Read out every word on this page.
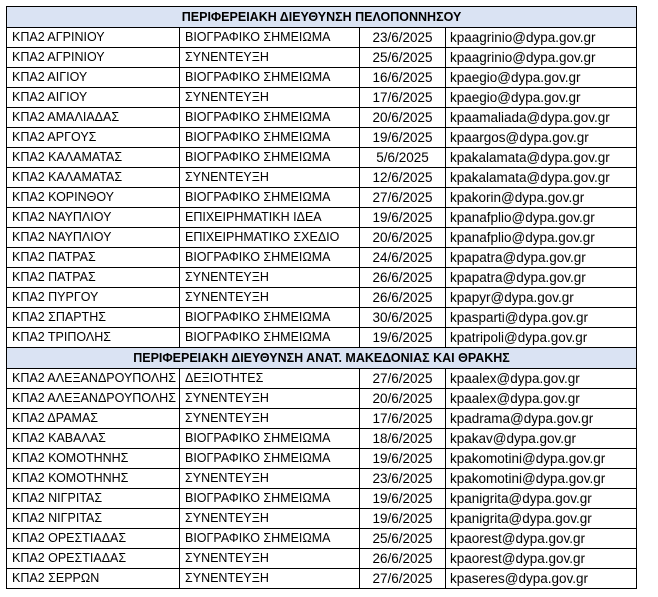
ΠΕΡΙΦΕΡΕΙΑΚΗ ΔΙΕΥΘΥΝΣΗ ΠΕΛΟΠΟΝΝΗΣΟΥ			
ΚΠΑ2 ΑΓΡΙΝΙΟΥ	ΒΙΟΓΡΑΦΙΚΟ ΣΗΜΕΙΩΜΑ	23/6/2025	kpaagrinio@dypa.gov.gr
ΚΠΑ2 ΑΓΡΙΝΙΟΥ	ΣΥΝΕΝΤΕΥΞΗ	25/6/2025	kpaagrinio@dypa.gov.gr
ΚΠΑ2 ΑΙΓΙΟΥ	ΒΙΟΓΡΑΦΙΚΟ ΣΗΜΕΙΩΜΑ	16/6/2025	kpaegio@dypa.gov.gr
ΚΠΑ2 ΑΙΓΙΟΥ	ΣΥΝΕΝΤΕΥΞΗ	17/6/2025	kpaegio@dypa.gov.gr
ΚΠΑ2 ΑΜΑΛΙΑΔΑΣ	ΒΙΟΓΡΑΦΙΚΟ ΣΗΜΕΙΩΜΑ	20/6/2025	kpaamaliada@dypa.gov.gr
ΚΠΑ2 ΑΡΓΟΥΣ	ΒΙΟΓΡΑΦΙΚΟ ΣΗΜΕΙΩΜΑ	19/6/2025	kpaargos@dypa.gov.gr
ΚΠΑ2 ΚΑΛΑΜΑΤΑΣ	ΒΙΟΓΡΑΦΙΚΟ ΣΗΜΕΙΩΜΑ	5/6/2025	kpakalamata@dypa.gov.gr
ΚΠΑ2 ΚΑΛΑΜΑΤΑΣ	ΣΥΝΕΝΤΕΥΞΗ	12/6/2025	kpakalamata@dypa.gov.gr
ΚΠΑ2 ΚΟΡΙΝΘΟΥ	ΒΙΟΓΡΑΦΙΚΟ ΣΗΜΕΙΩΜΑ	27/6/2025	kpakorin@dypa.gov.gr
ΚΠΑ2 ΝΑΥΠΛΙΟΥ	ΕΠΙΧΕΙΡΗΜΑΤΙΚΗ ΙΔΕΑ	19/6/2025	kpanafplio@dypa.gov.gr
ΚΠΑ2 ΝΑΥΠΛΙΟΥ	ΕΠΙΧΕΙΡΗΜΑΤΙΚΟ ΣΧΕΔΙΟ	20/6/2025	kpanafplio@dypa.gov.gr
ΚΠΑ2 ΠΑΤΡΑΣ	ΒΙΟΓΡΑΦΙΚΟ ΣΗΜΕΙΩΜΑ	24/6/2025	kpapatra@dypa.gov.gr
ΚΠΑ2 ΠΑΤΡΑΣ	ΣΥΝΕΝΤΕΥΞΗ	26/6/2025	kpapatra@dypa.gov.gr
ΚΠΑ2 ΠΥΡΓΟΥ	ΣΥΝΕΝΤΕΥΞΗ	26/6/2025	kpapyr@dypa.gov.gr
ΚΠΑ2 ΣΠΑΡΤΗΣ	ΒΙΟΓΡΑΦΙΚΟ ΣΗΜΕΙΩΜΑ	30/6/2025	kpasparti@dypa.gov.gr
ΚΠΑ2 ΤΡΙΠΟΛΗΣ	ΒΙΟΓΡΑΦΙΚΟ ΣΗΜΕΙΩΜΑ	19/6/2025	kpatripoli@dypa.gov.gr
ΠΕΡΙΦΕΡΕΙΑΚΗ ΔΙΕΥΘΥΝΣΗ ΑΝΑΤ. ΜΑΚΕΔΟΝΙΑΣ ΚΑΙ ΘΡΑΚΗΣ			
ΚΠΑ2 ΑΛΕΞΑΝΔΡΟΥΠΟΛΗΣ	ΔΕΞΙΟΤΗΤΕΣ	27/6/2025	kpaalex@dypa.gov.gr
ΚΠΑ2 ΑΛΕΞΑΝΔΡΟΥΠΟΛΗΣ	ΣΥΝΕΝΤΕΥΞΗ	20/6/2025	kpaalex@dypa.gov.gr
ΚΠΑ2 ΔΡΑΜΑΣ	ΣΥΝΕΝΤΕΥΞΗ	17/6/2025	kpadrama@dypa.gov.gr
ΚΠΑ2 ΚΑΒΑΛΑΣ	ΒΙΟΓΡΑΦΙΚΟ ΣΗΜΕΙΩΜΑ	18/6/2025	kpakav@dypa.gov.gr
ΚΠΑ2 ΚΟΜΟΤΗΝΗΣ	ΒΙΟΓΡΑΦΙΚΟ ΣΗΜΕΙΩΜΑ	19/6/2025	kpakomotini@dypa.gov.gr
ΚΠΑ2 ΚΟΜΟΤΗΝΗΣ	ΣΥΝΕΝΤΕΥΞΗ	23/6/2025	kpakomotini@dypa.gov.gr
ΚΠΑ2 ΝΙΓΡΙΤΑΣ	ΒΙΟΓΡΑΦΙΚΟ ΣΗΜΕΙΩΜΑ	19/6/2025	kpanigrita@dypa.gov.gr
ΚΠΑ2 ΝΙΓΡΙΤΑΣ	ΣΥΝΕΝΤΕΥΞΗ	19/6/2025	kpanigrita@dypa.gov.gr
ΚΠΑ2 ΟΡΕΣΤΙΑΔΑΣ	ΒΙΟΓΡΑΦΙΚΟ ΣΗΜΕΙΩΜΑ	25/6/2025	kpaorest@dypa.gov.gr
ΚΠΑ2 ΟΡΕΣΤΙΑΔΑΣ	ΣΥΝΕΝΤΕΥΞΗ	26/6/2025	kpaorest@dypa.gov.gr
ΚΠΑ2 ΣΕΡΡΩΝ	ΣΥΝΕΝΤΕΥΞΗ	27/6/2025	kpaseres@dypa.gov.gr
